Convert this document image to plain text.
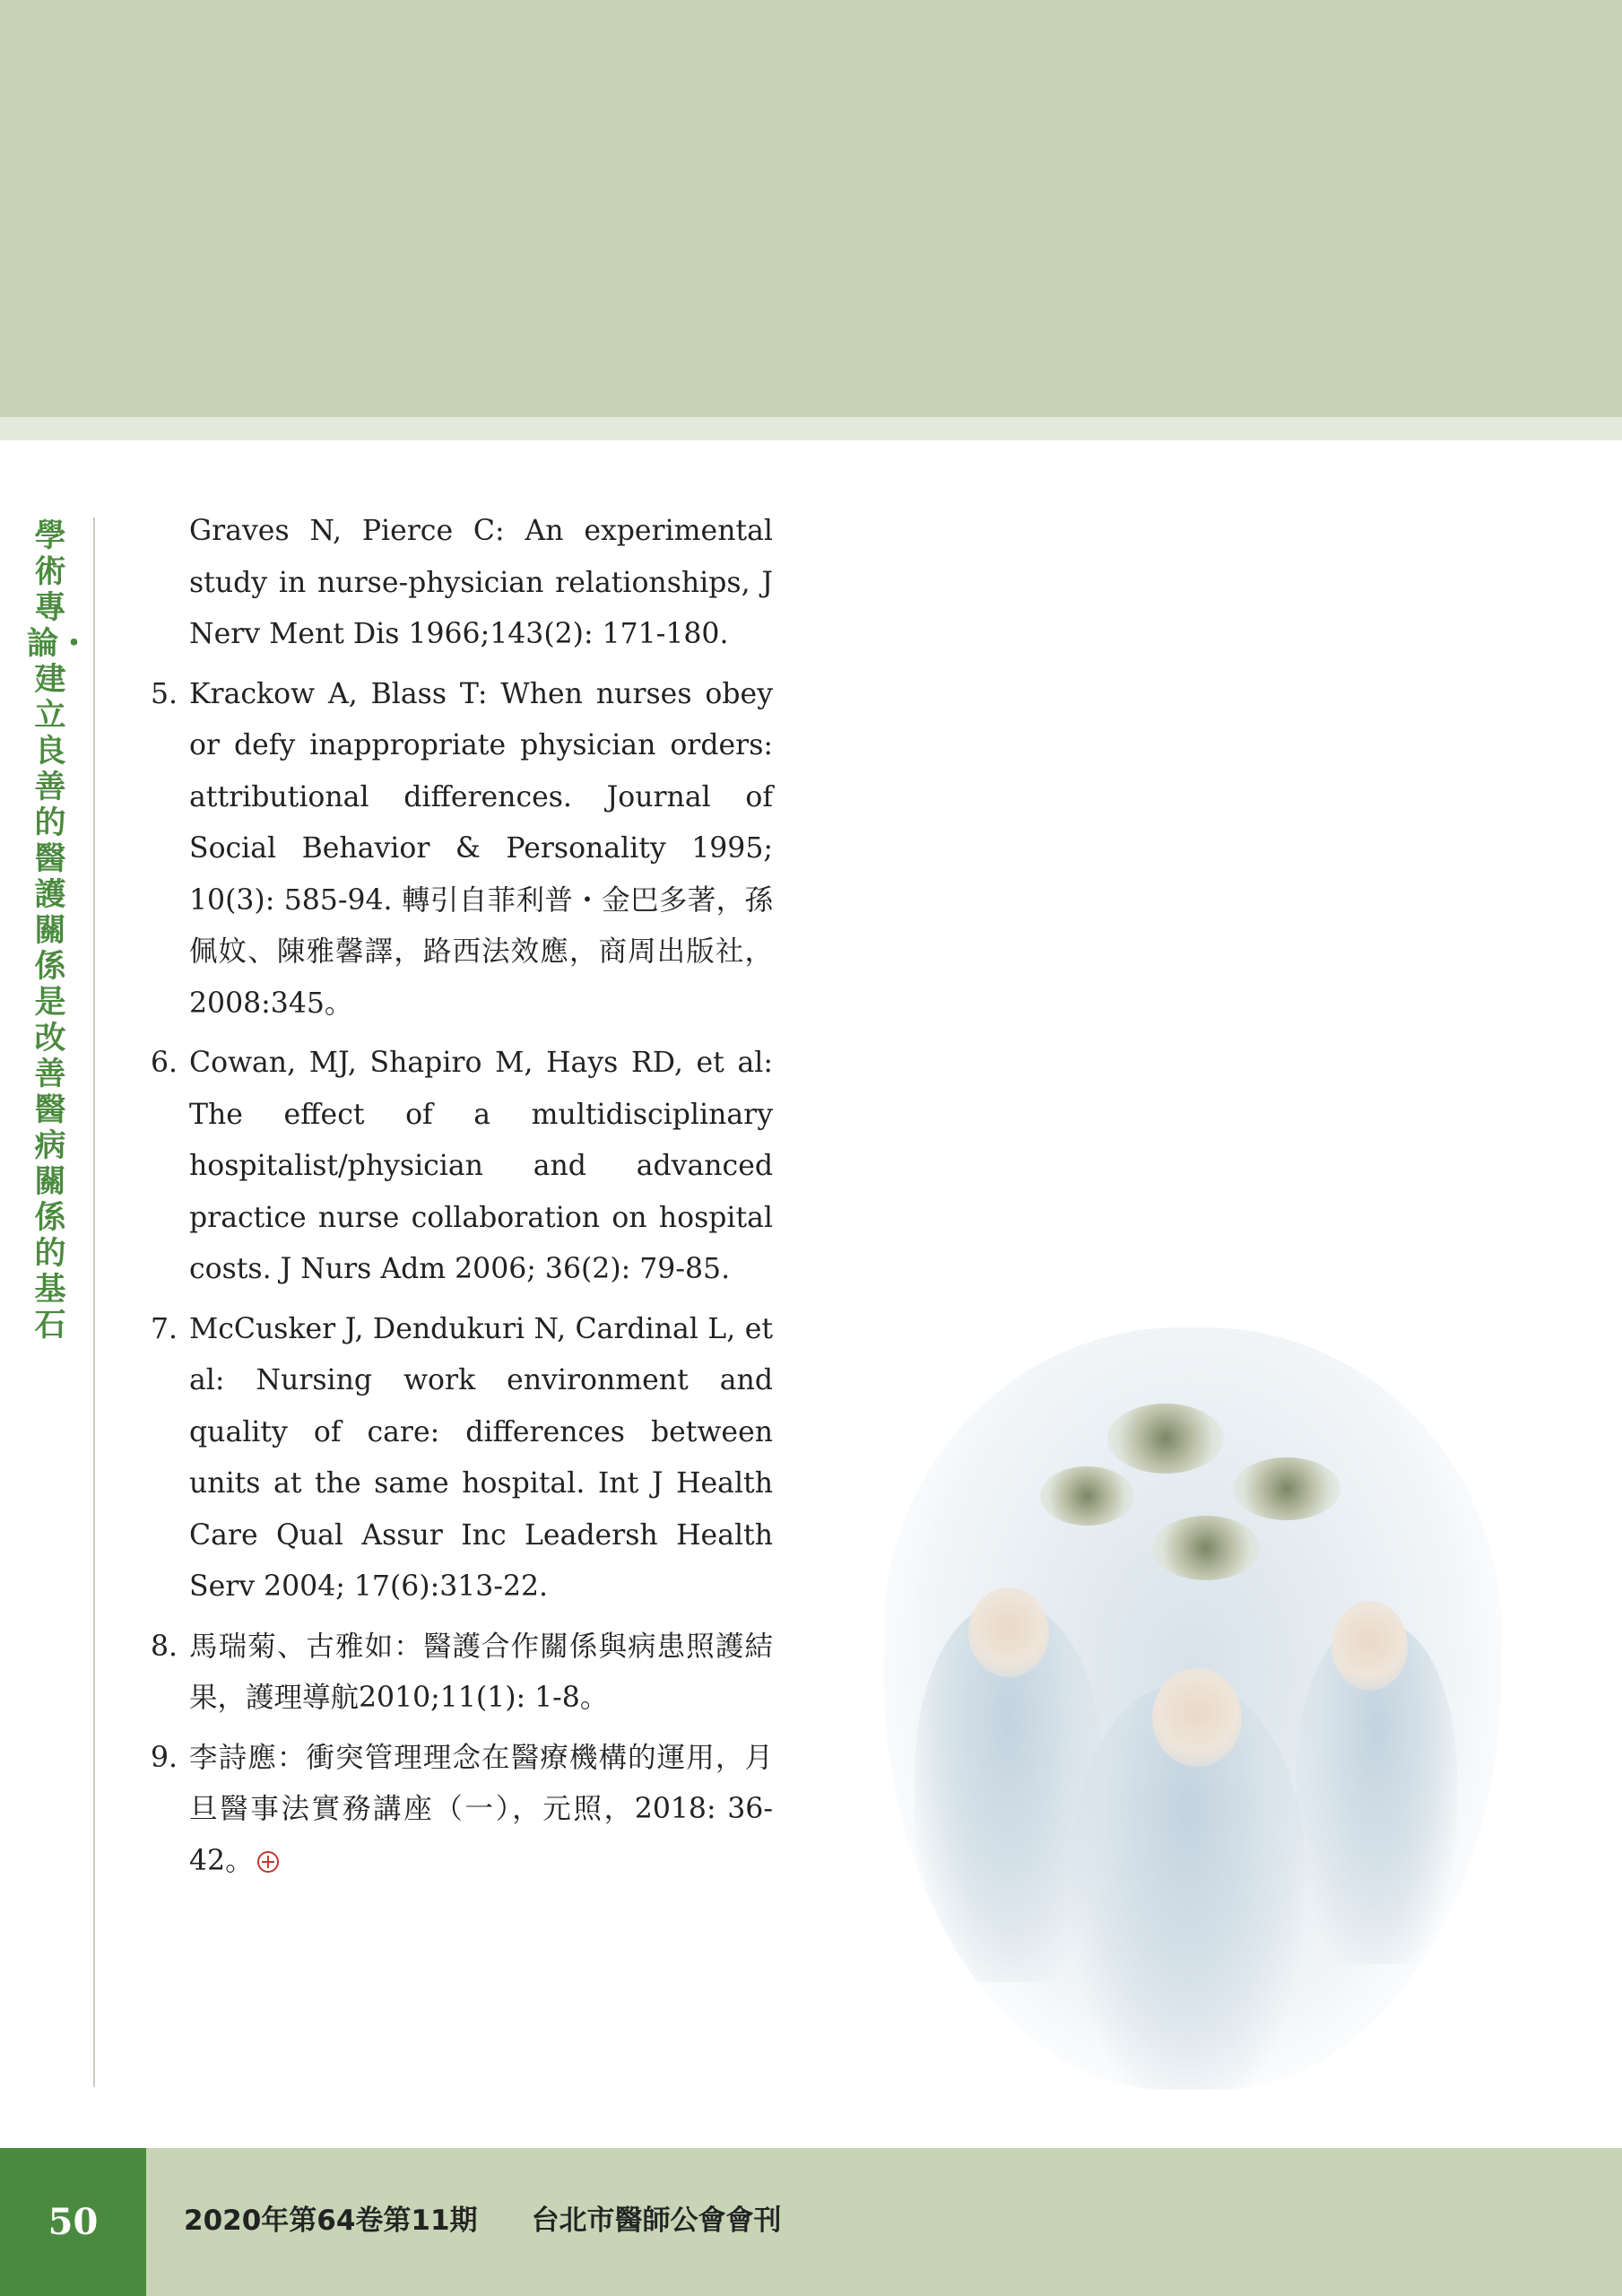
學術專論・建立良善的醫護關係是改善醫病關係的基石
Graves N, Pierce C: An experimental study in nurse-physician relationships, J Nerv Ment Dis 1966;143(2): 171-180.
5. Krackow A, Blass T: When nurses obey or defy inappropriate physician orders: attributional differences. Journal of Social Behavior & Personality 1995; 10(3): 585-94. 轉引自菲利普・金巴多著，孫佩妏、陳雅馨譯，路西法效應，商周出版社，2008:345。
6. Cowan, MJ, Shapiro M, Hays RD, et al: The effect of a multidisciplinary hospitalist/physician and advanced practice nurse collaboration on hospital costs. J Nurs Adm 2006; 36(2): 79-85.
7. McCusker J, Dendukuri N, Cardinal L, et al: Nursing work environment and quality of care: differences between units at the same hospital. Int J Health Care Qual Assur Inc Leadersh Health Serv 2004; 17(6):313-22.
8. 馬瑞菊、古雅如：醫護合作關係與病患照護結果，護理導航2010;11(1): 1-8。
9. 李詩應：衝突管理理念在醫療機構的運用，月旦醫事法實務講座（一），元照，2018: 36-42。
50	2020年第64卷第11期 台北市醫師公會會刊
